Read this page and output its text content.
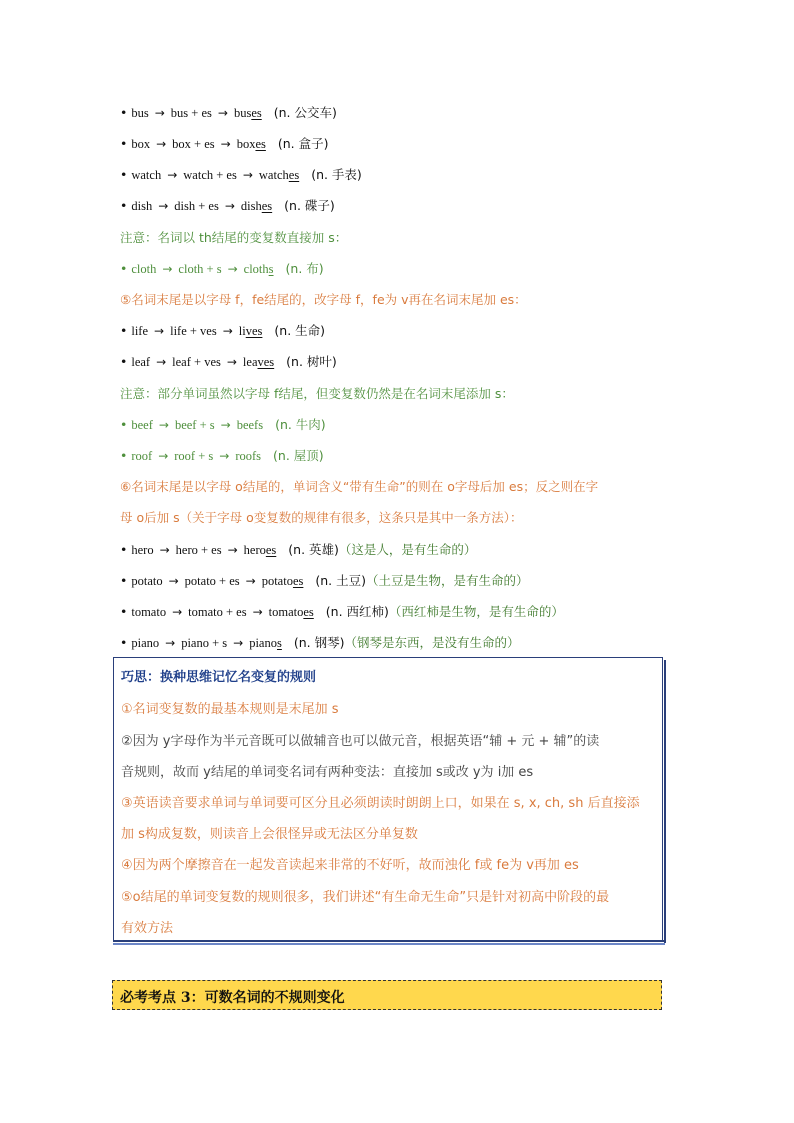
• bus → bus + es → buses (n. 公交车)
• box → box + es → boxes (n. 盒子)
• watch → watch + es → watches (n. 手表)
• dish → dish + es → dishes (n. 碟子)
注意：名词以 th结尾的变复数直接加 s：
• cloth → cloth + s → cloths (n. 布)
⑤名词末尾是以字母 f，fe结尾的，改字母 f，fe为 v再在名词末尾加 es：
• life → life + ves → lives (n. 生命)
• leaf → leaf + ves → leaves (n. 树叶)
注意：部分单词虽然以字母 f结尾，但变复数仍然是在名词末尾添加 s：
• beef → beef + s → beefs (n. 牛肉)
• roof → roof + s → roofs (n. 屋顶)
⑥名词末尾是以字母 o结尾的，单词含义“带有生命”的则在 o字母后加 es；反之则在字
母 o后加 s（关于字母 o变复数的规律有很多，这条只是其中一条方法）：
• hero → hero + es → heroes (n. 英雄)（这是人，是有生命的）
• potato → potato + es → potatoes (n. 土豆)（土豆是生物，是有生命的）
• tomato → tomato + es → tomatoes (n. 西红柿)（西红柿是生物，是有生命的）
• piano → piano + s → pianos (n. 钢琴)（钢琴是东西，是没有生命的）
巧思：换种思维记忆名变复的规则
①名词变复数的最基本规则是末尾加 s
②因为 y字母作为半元音既可以做辅音也可以做元音，根据英语“辅 + 元 + 辅”的读
音规则，故而 y结尾的单词变名词有两种变法：直接加 s或改 y为 i加 es
③英语读音要求单词与单词要可区分且必须朗读时朗朗上口，如果在 s, x, ch, sh 后直接添
加 s构成复数，则读音上会很怪异或无法区分单复数
④因为两个摩擦音在一起发音读起来非常的不好听，故而浊化 f或 fe为 v再加 es
⑤o结尾的单词变复数的规则很多，我们讲述“有生命无生命”只是针对初高中阶段的最
有效方法
必考考点 3：可数名词的不规则变化
